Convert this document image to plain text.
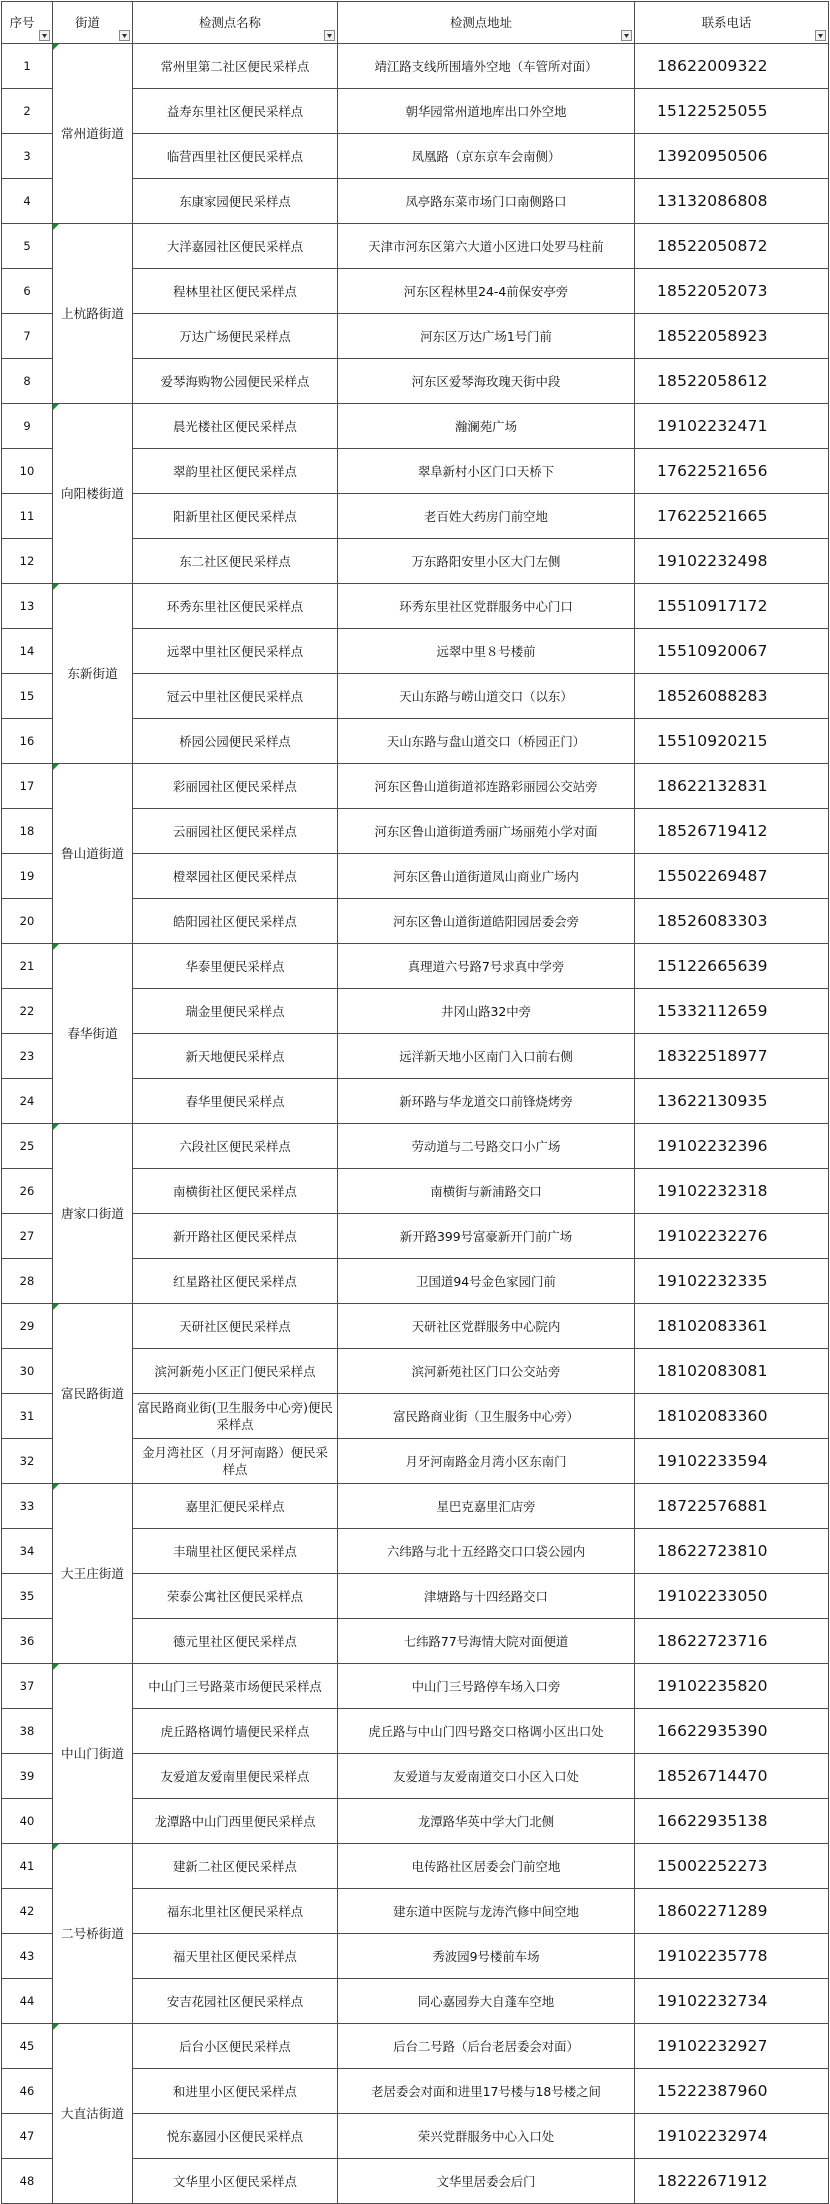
序号	街道	检测点名称	检测点地址	联系电话

1	常州道街道	常州里第二社区便民采样点	靖江路支线所围墙外空地（车管所对面）	18622009322
2		益寿东里社区便民采样点	朝华园常州道地库出口外空地	15122525055
3		临营西里社区便民采样点	凤凰路（京东京车会南侧）	13920950506
4		东康家园便民采样点	凤亭路东菜市场门口南侧路口	13132086808
5	上杭路街道	大洋嘉园社区便民采样点	天津市河东区第六大道小区进口处罗马柱前	18522050872
6		程林里社区便民采样点	河东区程林里24-4前保安亭旁	18522052073
7		万达广场便民采样点	河东区万达广场1号门前	18522058923
8		爱琴海购物公园便民采样点	河东区爱琴海玫瑰天街中段	18522058612
9	向阳楼街道	晨光楼社区便民采样点	瀚澜苑广场	19102232471
10		翠韵里社区便民采样点	翠阜新村小区门口天桥下	17622521656
11		阳新里社区便民采样点	老百姓大药房门前空地	17622521665
12		东二社区便民采样点	万东路阳安里小区大门左侧	19102232498
13	东新街道	环秀东里社区便民采样点	环秀东里社区党群服务中心门口	15510917172
14		远翠中里社区便民采样点	远翠中里８号楼前	15510920067
15		冠云中里社区便民采样点	天山东路与崂山道交口（以东）	18526088283
16		桥园公园便民采样点	天山东路与盘山道交口（桥园正门）	15510920215
17	鲁山道街道	彩丽园社区便民采样点	河东区鲁山道街道祁连路彩丽园公交站旁	18622132831
18		云丽园社区便民采样点	河东区鲁山道街道秀丽广场丽苑小学对面	18526719412
19		橙翠园社区便民采样点	河东区鲁山道街道凤山商业广场内	15502269487
20		皓阳园社区便民采样点	河东区鲁山道街道皓阳园居委会旁	18526083303
21	春华街道	华泰里便民采样点	真理道六号路7号求真中学旁	15122665639
22		瑞金里便民采样点	井冈山路32中旁	15332112659
23		新天地便民采样点	远洋新天地小区南门入口前右侧	18322518977
24		春华里便民采样点	新环路与华龙道交口前锋烧烤旁	13622130935
25	唐家口街道	六段社区便民采样点	劳动道与二号路交口小广场	19102232396
26		南横街社区便民采样点	南横街与新浦路交口	19102232318
27		新开路社区便民采样点	新开路399号富豪新开门前广场	19102232276
28		红星路社区便民采样点	卫国道94号金色家园门前	19102232335
29	富民路街道	天研社区便民采样点	天研社区党群服务中心院内	18102083361
30		滨河新苑小区正门便民采样点	滨河新苑社区门口公交站旁	18102083081
31		富民路商业街(卫生服务中心旁)便民采样点	富民路商业街（卫生服务中心旁）	18102083360
32		金月湾社区（月牙河南路）便民采样点	月牙河南路金月湾小区东南门	19102233594
33	大王庄街道	嘉里汇便民采样点	星巴克嘉里汇店旁	18722576881
34		丰瑞里社区便民采样点	六纬路与北十五经路交口口袋公园内	18622723810
35		荣泰公寓社区便民采样点	津塘路与十四经路交口	19102233050
36		德元里社区便民采样点	七纬路77号海情大院对面便道	18622723716
37	中山门街道	中山门三号路菜市场便民采样点	中山门三号路停车场入口旁	19102235820
38		虎丘路格调竹墙便民采样点	虎丘路与中山门四号路交口格调小区出口处	16622935390
39		友爱道友爱南里便民采样点	友爱道与友爱南道交口小区入口处	18526714470
40		龙潭路中山门西里便民采样点	龙潭路华英中学大门北侧	16622935138
41	二号桥街道	建新二社区便民采样点	电传路社区居委会门前空地	15002252273
42		福东北里社区便民采样点	建东道中医院与龙涛汽修中间空地	18602271289
43		福天里社区便民采样点	秀波园9号楼前车场	19102235778
44		安吉花园社区便民采样点	同心嘉园券大自蓬车空地	19102232734
45	大直沽街道	后台小区便民采样点	后台二号路（后台老居委会对面）	19102232927
46		和进里小区便民采样点	老居委会对面和进里17号楼与18号楼之间	15222387960
47		悦东嘉园小区便民采样点	荣兴党群服务中心入口处	19102232974
48		文华里小区便民采样点	文华里居委会后门	18222671912
